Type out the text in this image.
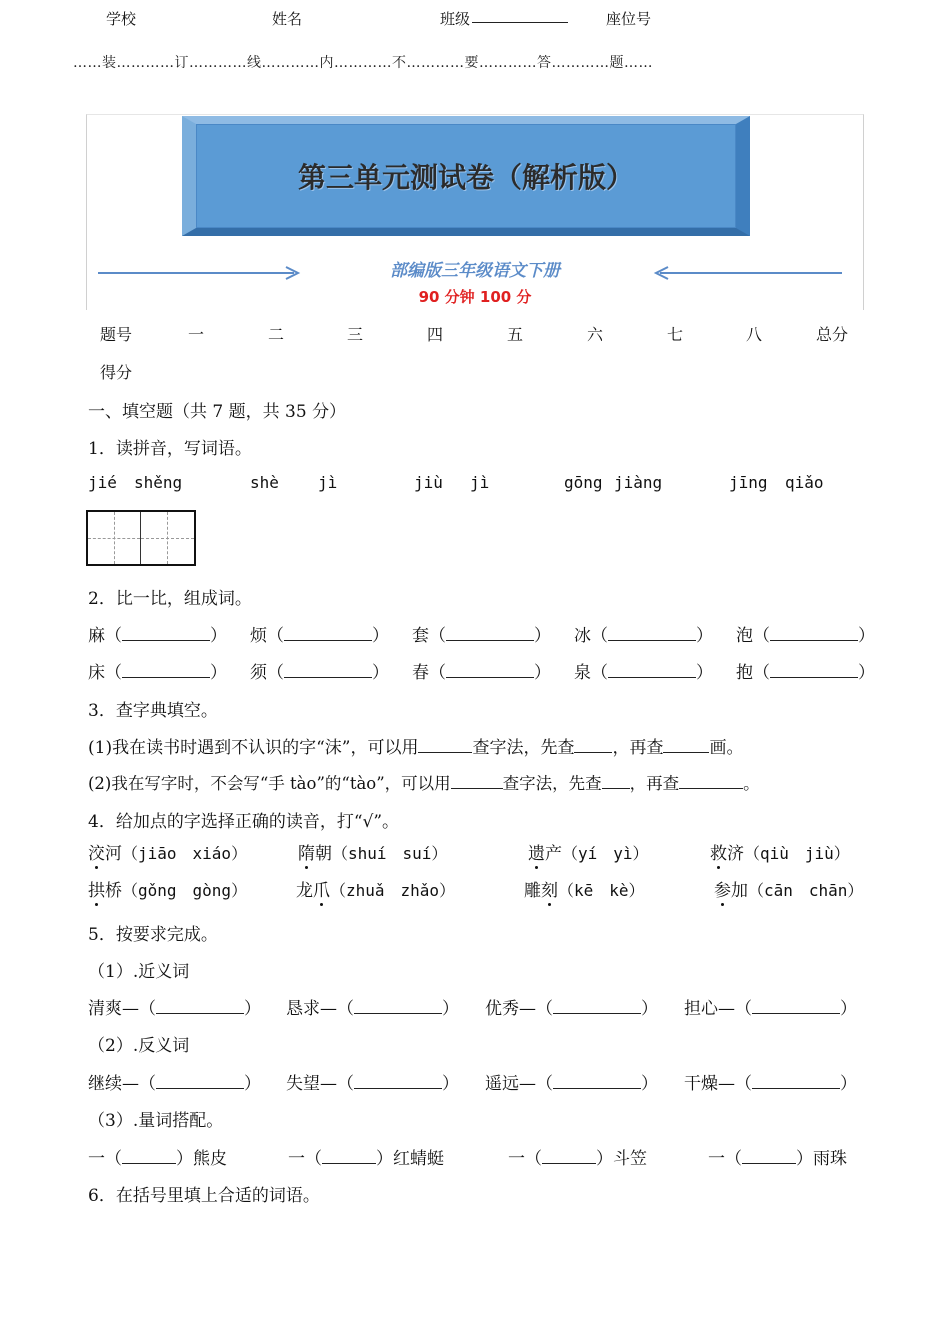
学校	姓名	班级	座位号
……装…………订…………线…………内…………不…………要…………答…………题……
第三单元测试卷（解析版）
部编版三年级语文下册
90 分钟 100 分
题号	一	二	三	四	五	六	七	八	总分
得分
一、填空题（共 7 题，共 35 分）
1．读拼音，写词语。
jié shěng	shè jì	jiù jì	gōng jiàng	jīng qiǎo
2．比一比，组成词。
麻（	） 烦（	） 套（	） 冰（	） 泡（	）
床（	） 须（	） 春（	） 泉（	） 抱（	）
3．查字典填空。
(1)我在读书时遇到不认识的字“沫”，可以用	查字法，先查 ，再查	画。
(2)我在写字时，不会写“手 tào”的“tào”，可以用	查字法，先查 ，再查	。
4．给加点的字选择正确的读音，打“√”。
洨河（jiāo　xiáo）	隋朝（shuí　suí）	遗产（yí　yì）	救济（qiù　jiù）
拱桥（gǒng　gòng）	龙爪（zhuǎ　zhǎo）	雕刻（kē　kè）	参加（cān　chān）
5．按要求完成。
（1）.近义词
清爽—（	） 恳求—（	） 优秀—（	） 担心—（	）
（2）.反义词
继续—（	） 失望—（	） 遥远—（	） 干燥—（	）
（3）.量词搭配。
一（	）熊皮	一（	）红蜻蜓	一（	）斗笠	一（	）雨珠
6．在括号里填上合适的词语。
